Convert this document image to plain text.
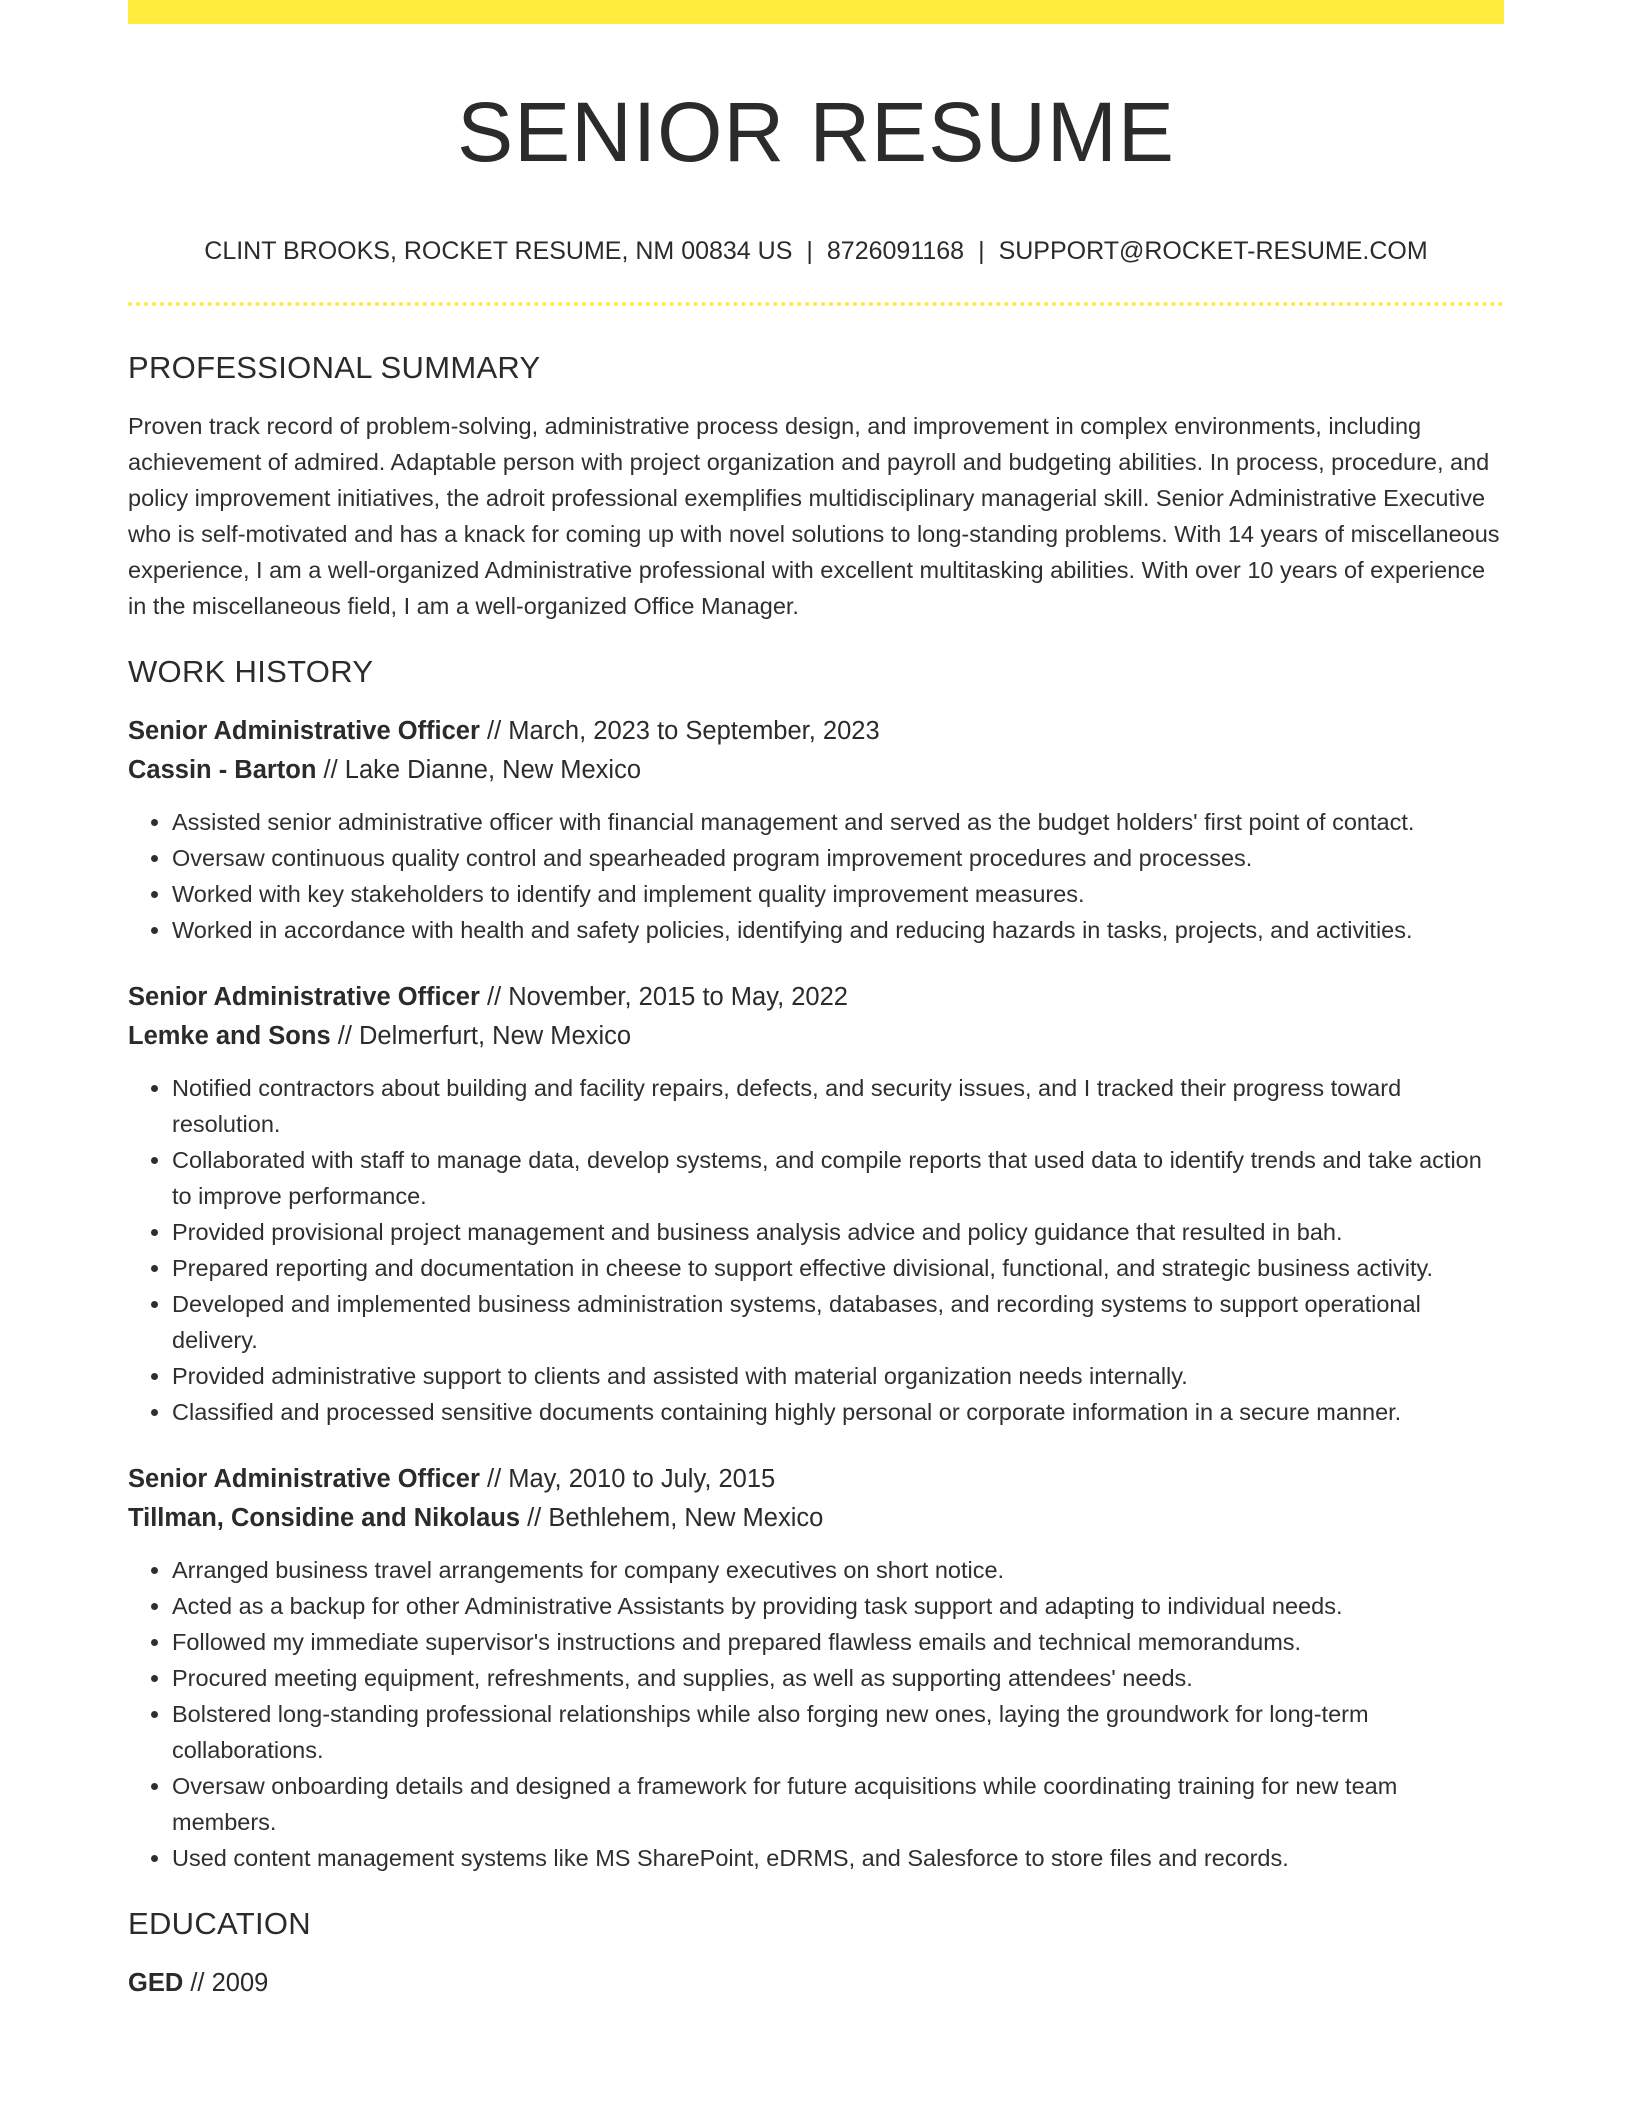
SENIOR RESUME
CLINT BROOKS, ROCKET RESUME, NM 00834 US | 8726091168 | SUPPORT@ROCKET-RESUME.COM
PROFESSIONAL SUMMARY

Proven track record of problem-solving, administrative process design, and improvement in complex environments, including achievement of admired. Adaptable person with project organization and payroll and budgeting abilities. In process, procedure, and policy improvement initiatives, the adroit professional exemplifies multidisciplinary managerial skill. Senior Administrative Executive who is self-motivated and has a knack for coming up with novel solutions to long-standing problems. With 14 years of miscellaneous experience, I am a well-organized Administrative professional with excellent multitasking abilities. With over 10 years of experience in the miscellaneous field, I am a well-organized Office Manager.

WORK HISTORY
Senior Administrative Officer // March, 2023 to September, 2023
Cassin - Barton // Lake Dianne, New Mexico
• Assisted senior administrative officer with financial management and served as the budget holders' first point of contact.
• Oversaw continuous quality control and spearheaded program improvement procedures and processes.
• Worked with key stakeholders to identify and implement quality improvement measures.
• Worked in accordance with health and safety policies, identifying and reducing hazards in tasks, projects, and activities.
Senior Administrative Officer // November, 2015 to May, 2022
Lemke and Sons // Delmerfurt, New Mexico
• Notified contractors about building and facility repairs, defects, and security issues, and I tracked their progress toward resolution.
• Collaborated with staff to manage data, develop systems, and compile reports that used data to identify trends and take action to improve performance.
• Provided provisional project management and business analysis advice and policy guidance that resulted in bah.
• Prepared reporting and documentation in cheese to support effective divisional, functional, and strategic business activity.
• Developed and implemented business administration systems, databases, and recording systems to support operational delivery.
• Provided administrative support to clients and assisted with material organization needs internally.
• Classified and processed sensitive documents containing highly personal or corporate information in a secure manner.
Senior Administrative Officer // May, 2010 to July, 2015
Tillman, Considine and Nikolaus // Bethlehem, New Mexico
• Arranged business travel arrangements for company executives on short notice.
• Acted as a backup for other Administrative Assistants by providing task support and adapting to individual needs.
• Followed my immediate supervisor's instructions and prepared flawless emails and technical memorandums.
• Procured meeting equipment, refreshments, and supplies, as well as supporting attendees' needs.
• Bolstered long-standing professional relationships while also forging new ones, laying the groundwork for long-term collaborations.
• Oversaw onboarding details and designed a framework for future acquisitions while coordinating training for new team members.
• Used content management systems like MS SharePoint, eDRMS, and Salesforce to store files and records.
EDUCATION
GED // 2009
